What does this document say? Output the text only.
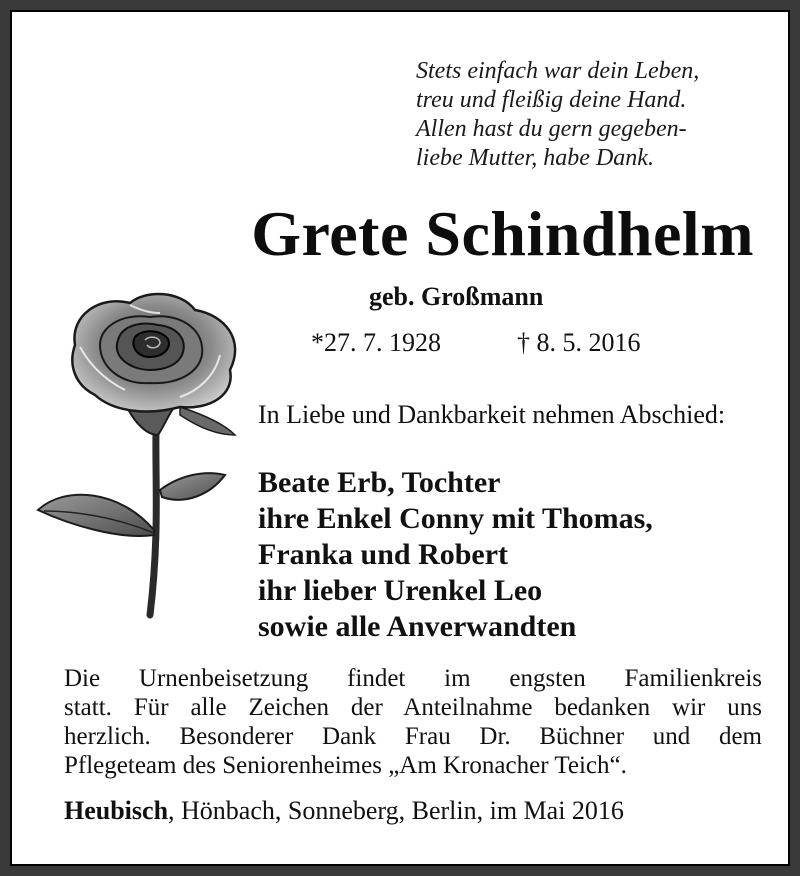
Stets einfach war dein Leben,
treu und fleißig deine Hand.
Allen hast du gern gegeben-
liebe Mutter, habe Dank.
Grete Schindhelm
geb. Großmann
*27. 7. 1928	† 8. 5. 2016
In Liebe und Dankbarkeit nehmen Abschied:
Beate Erb, Tochter
ihre Enkel Conny mit Thomas,
Franka und Robert
ihr lieber Urenkel Leo
sowie alle Anverwandten
Die Urnenbeisetzung findet im engsten Familienkreis
statt. Für alle Zeichen der Anteilnahme bedanken wir uns
herzlich. Besonderer Dank Frau Dr. Büchner und dem
Pflegeteam des Seniorenheimes „Am Kronacher Teich“.
Heubisch, Hönbach, Sonneberg, Berlin, im Mai 2016
